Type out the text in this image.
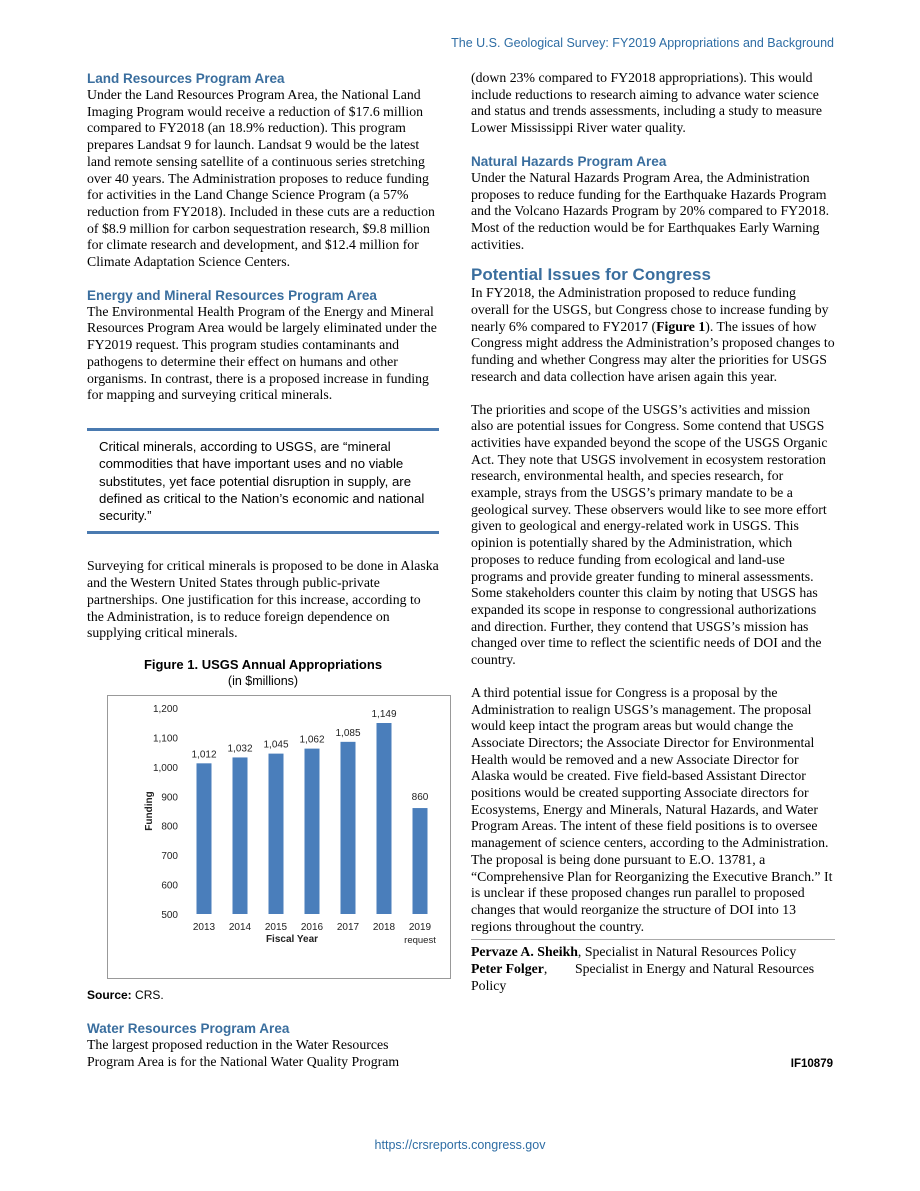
The U.S. Geological Survey: FY2019 Appropriations and Background
Land Resources Program Area

Under the Land Resources Program Area, the National Land Imaging Program would receive a reduction of $17.6 million compared to FY2018 (an 18.9% reduction). This program prepares Landsat 9 for launch. Landsat 9 would be the latest land remote sensing satellite of a continuous series stretching over 40 years. The Administration proposes to reduce funding for activities in the Land Change Science Program (a 57% reduction from FY2018). Included in these cuts are a reduction of $8.9 million for carbon sequestration research, $9.8 million for climate research and development, and $12.4 million for Climate Adaptation Science Centers.

Energy and Mineral Resources Program Area

The Environmental Health Program of the Energy and Mineral Resources Program Area would be largely eliminated under the FY2019 request. This program studies contaminants and pathogens to determine their effect on humans and other organisms. In contrast, there is a proposed increase in funding for mapping and surveying critical minerals.

Critical minerals, according to USGS, are “mineral commodities that have important uses and no viable substitutes, yet face potential disruption in supply, are defined as critical to the Nation’s economic and national security.”

Surveying for critical minerals is proposed to be done in Alaska and the Western United States through public-private partnerships. One justification for this increase, according to the Administration, is to reduce foreign dependence on supplying critical minerals.

Figure 1. USGS Annual Appropriations

(in $millions)

500
600
700
800
900
1,000
1,100
1,200
Funding
1,012
2013
1,032
2014
1,045
2015
1,062
2016
1,085
2017
1,149
2018
860
2019
request
Fiscal Year

Source: CRS.

Water Resources Program Area

The largest proposed reduction in the Water Resources Program Area is for the National Water Quality Program

(down 23% compared to FY2018 appropriations). This would include reductions to research aiming to advance water science and status and trends assessments, including a study to measure Lower Mississippi River water quality.

Natural Hazards Program Area

Under the Natural Hazards Program Area, the Administration proposes to reduce funding for the Earthquake Hazards Program and the Volcano Hazards Program by 20% compared to FY2018. Most of the reduction would be for Earthquakes Early Warning activities.

Potential Issues for Congress

In FY2018, the Administration proposed to reduce funding overall for the USGS, but Congress chose to increase funding by nearly 6% compared to FY2017 (Figure 1). The issues of how Congress might address the Administration’s proposed changes to funding and whether Congress may alter the priorities for USGS research and data collection have arisen again this year.

The priorities and scope of the USGS’s activities and mission also are potential issues for Congress. Some contend that USGS activities have expanded beyond the scope of the USGS Organic Act. They note that USGS involvement in ecosystem restoration research, environmental health, and species research, for example, strays from the USGS’s primary mandate to be a geological survey. These observers would like to see more effort given to geological and energy-related work in USGS. This opinion is potentially shared by the Administration, which proposes to reduce funding from ecological and land-use programs and provide greater funding to mineral assessments. Some stakeholders counter this claim by noting that USGS has expanded its scope in response to congressional authorizations and direction. Further, they contend that USGS’s mission has changed over time to reflect the scientific needs of DOI and the country.

A third potential issue for Congress is a proposal by the Administration to realign USGS’s management. The proposal would keep intact the program areas but would change the Associate Directors; the Associate Director for Environmental Health would be removed and a new Associate Director for Alaska would be created. Five field-based Assistant Director positions would be created supporting Associate directors for Ecosystems, Energy and Minerals, Natural Hazards, and Water Program Areas. The intent of these field positions is to oversee management of science centers, according to the Administration. The proposal is being done pursuant to E.O. 13781, a “Comprehensive Plan for Reorganizing the Executive Branch.” It is unclear if these proposed changes run parallel to proposed changes that would reorganize the structure of DOI into 13 regions throughout the country.

Pervaze A. Sheikh, Specialist in Natural Resources Policy

Peter Folger,  Specialist in Energy and Natural Resources Policy

IF10879
https://crsreports.congress.gov
